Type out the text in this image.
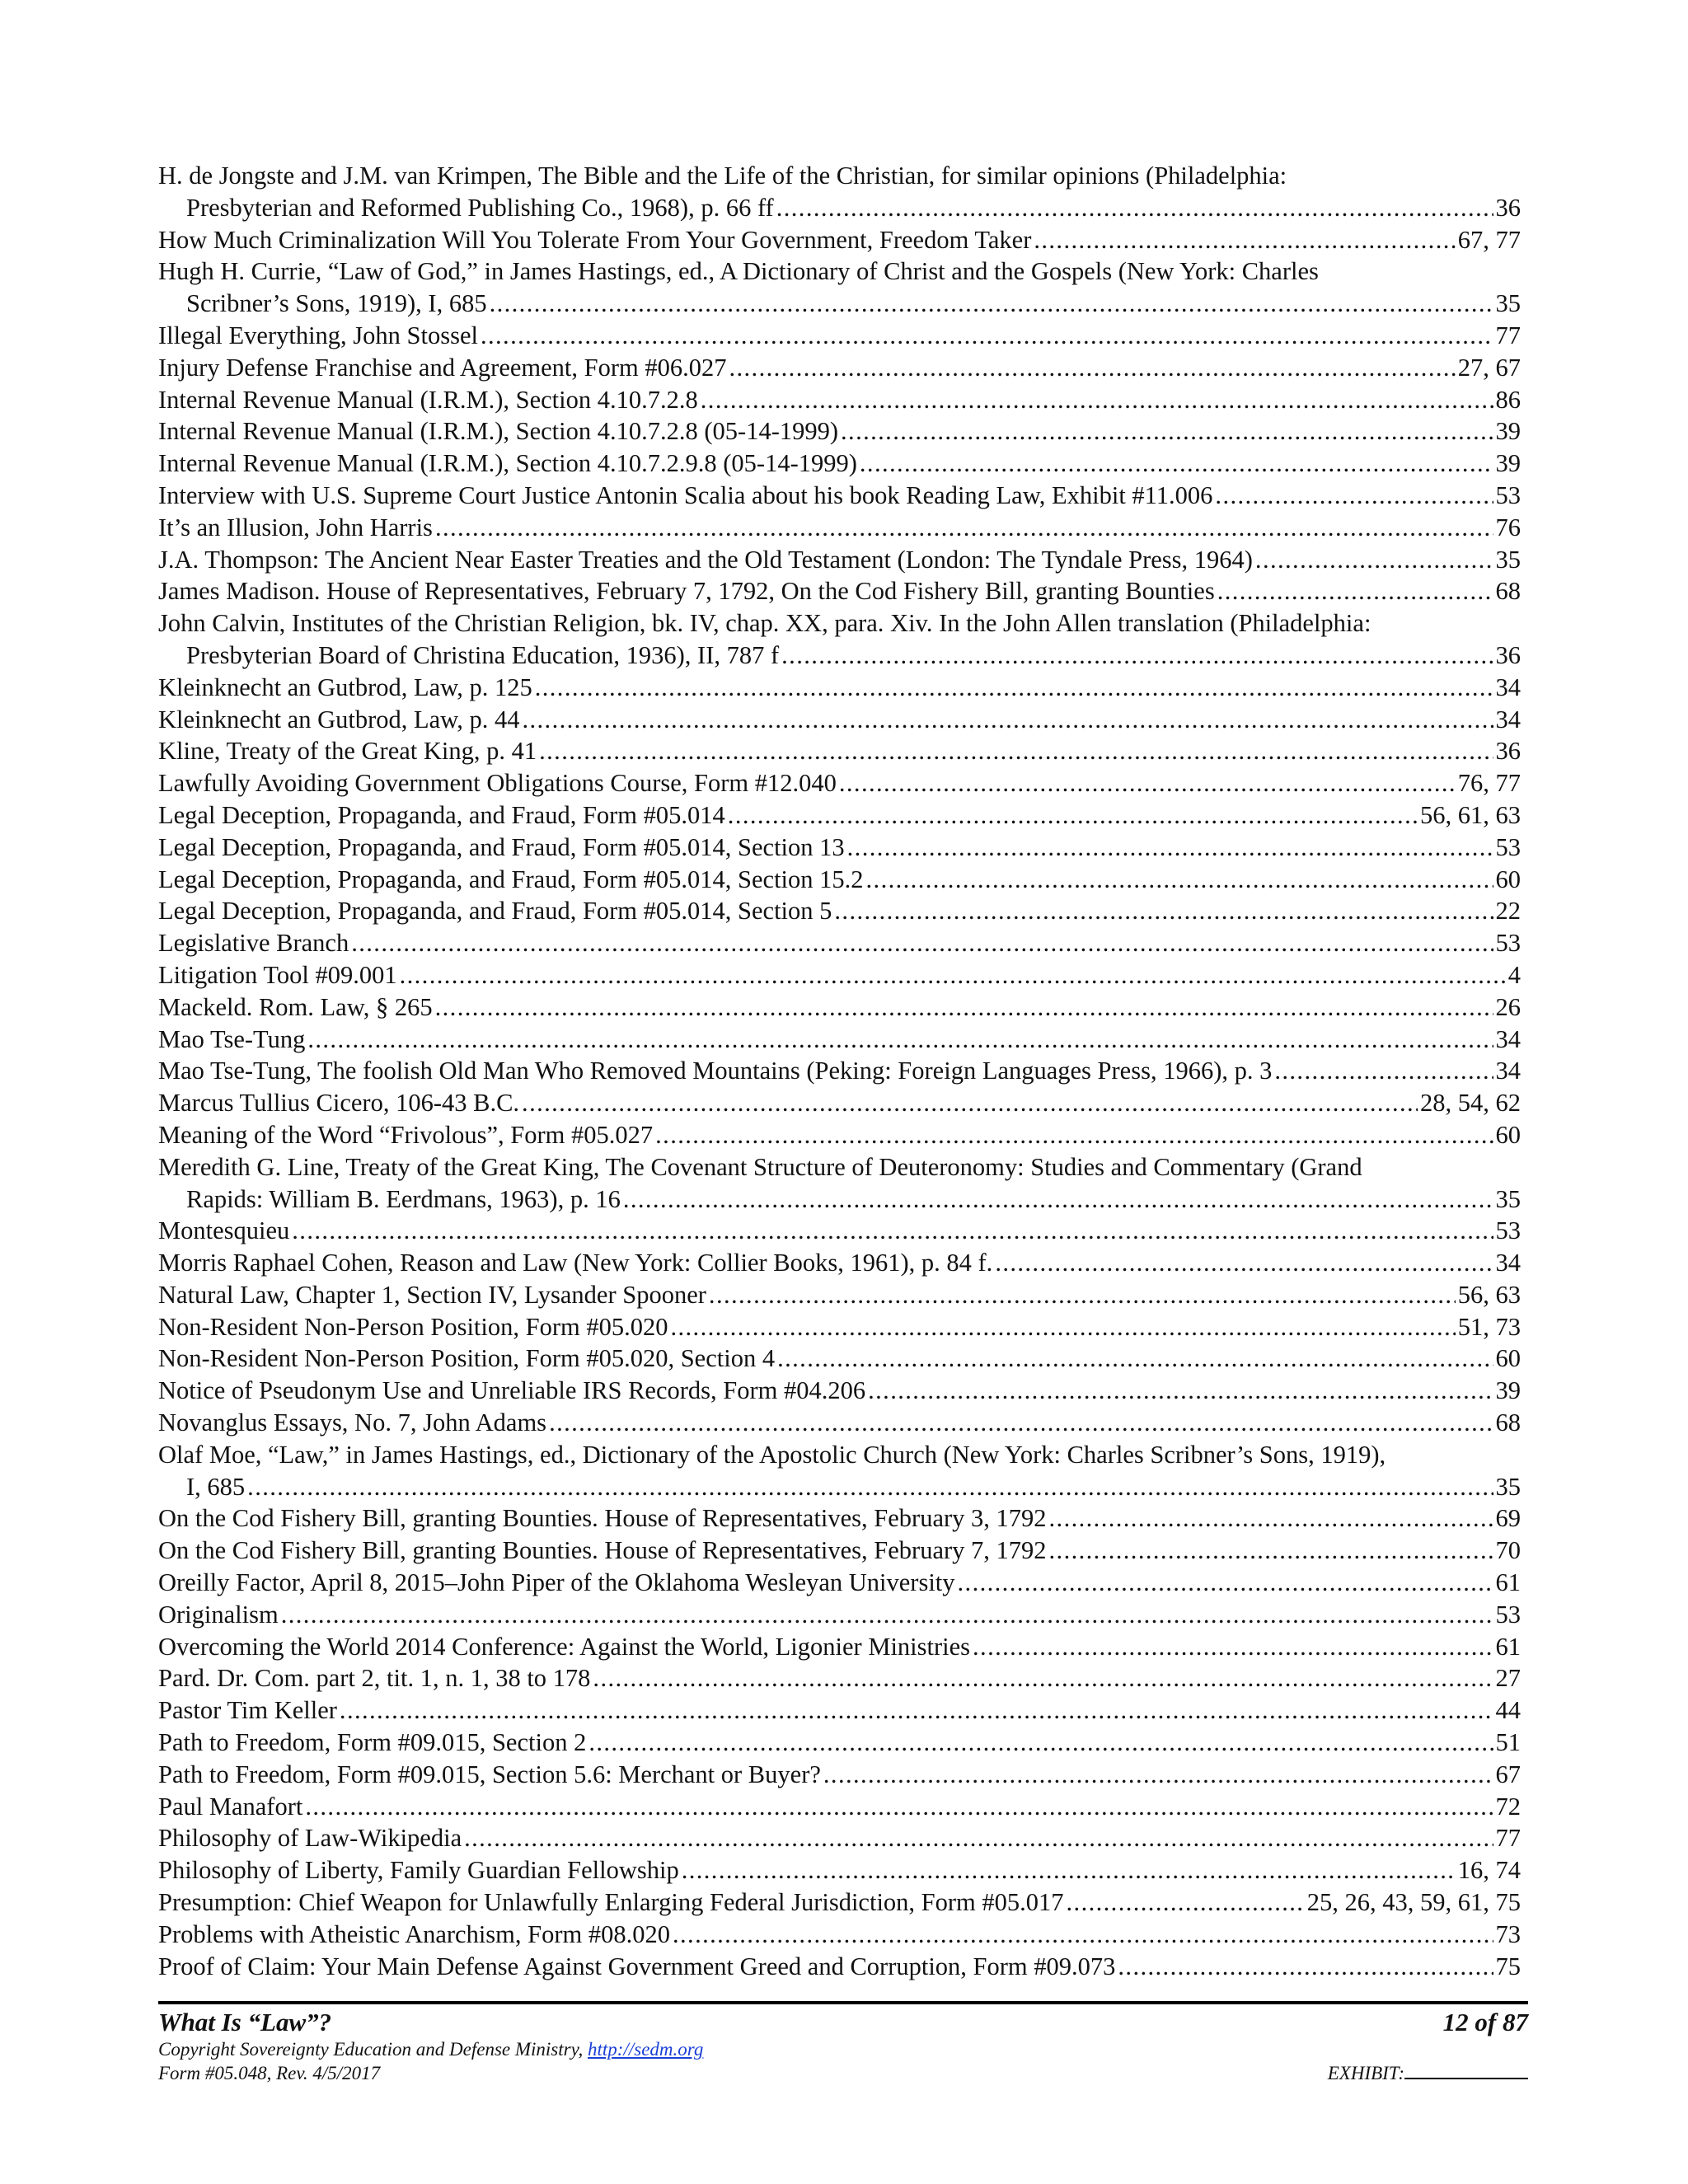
H. de Jongste and J.M. van Krimpen, The Bible and the Life of the Christian, for similar opinions (Philadelphia:
Presbyterian and Reformed Publishing Co., 1968), p. 66 ff .....	36
How Much Criminalization Will You Tolerate From Your Government, Freedom Taker .....	67, 77
Hugh H. Currie, “Law of God,” in James Hastings, ed., A Dictionary of Christ and the Gospels (New York: Charles
Scribner’s Sons, 1919), I, 685 .....	35
Illegal Everything, John Stossel .....	77
Injury Defense Franchise and Agreement, Form #06.027 .....	27, 67
Internal Revenue Manual (I.R.M.), Section 4.10.7.2.8 .....	86
Internal Revenue Manual (I.R.M.), Section 4.10.7.2.8 (05-14-1999) .....	39
Internal Revenue Manual (I.R.M.), Section 4.10.7.2.9.8 (05-14-1999) .....	39
Interview with U.S. Supreme Court Justice Antonin Scalia about his book Reading Law, Exhibit #11.006 .....	53
It’s an Illusion, John Harris .....	76
J.A. Thompson: The Ancient Near Easter Treaties and the Old Testament (London: The Tyndale Press, 1964) .....	35
James Madison. House of Representatives, February 7, 1792, On the Cod Fishery Bill, granting Bounties .....	68
John Calvin, Institutes of the Christian Religion, bk. IV, chap. XX, para. Xiv. In the John Allen translation (Philadelphia:
Presbyterian Board of Christina Education, 1936), II, 787 f .....	36
Kleinknecht an Gutbrod, Law, p. 125 .....	34
Kleinknecht an Gutbrod, Law, p. 44 .....	34
Kline, Treaty of the Great King, p. 41 .....	36
Lawfully Avoiding Government Obligations Course, Form #12.040 .....	76, 77
Legal Deception, Propaganda, and Fraud, Form #05.014 .....	56, 61, 63
Legal Deception, Propaganda, and Fraud, Form #05.014, Section 13 .....	53
Legal Deception, Propaganda, and Fraud, Form #05.014, Section 15.2 .....	60
Legal Deception, Propaganda, and Fraud, Form #05.014, Section 5 .....	22
Legislative Branch .....	53
Litigation Tool #09.001 .....	4
Mackeld. Rom. Law, § 265 .....	26
Mao Tse-Tung .....	34
Mao Tse-Tung, The foolish Old Man Who Removed Mountains (Peking: Foreign Languages Press, 1966), p. 3 .....	34
Marcus Tullius Cicero, 106-43 B.C. .....	28, 54, 62
Meaning of the Word “Frivolous”, Form #05.027 .....	60
Meredith G. Line, Treaty of the Great King, The Covenant Structure of Deuteronomy: Studies and Commentary (Grand
Rapids: William B. Eerdmans, 1963), p. 16 .....	35
Montesquieu .....	53
Morris Raphael Cohen, Reason and Law (New York: Collier Books, 1961), p. 84 f. .....	34
Natural Law, Chapter 1, Section IV, Lysander Spooner .....	56, 63
Non-Resident Non-Person Position, Form #05.020 .....	51, 73
Non-Resident Non-Person Position, Form #05.020, Section 4 .....	60
Notice of Pseudonym Use and Unreliable IRS Records, Form #04.206 .....	39
Novanglus Essays, No. 7, John Adams .....	68
Olaf Moe, “Law,” in James Hastings, ed., Dictionary of the Apostolic Church (New York: Charles Scribner’s Sons, 1919),
I, 685 .....	35
On the Cod Fishery Bill, granting Bounties. House of Representatives, February 3, 1792 .....	69
On the Cod Fishery Bill, granting Bounties. House of Representatives, February 7, 1792 .....	70
Oreilly Factor, April 8, 2015–John Piper of the Oklahoma Wesleyan University .....	61
Originalism .....	53
Overcoming the World 2014 Conference: Against the World, Ligonier Ministries .....	61
Pard. Dr. Com. part 2, tit. 1, n. 1, 38 to 178 .....	27
Pastor Tim Keller .....	44
Path to Freedom, Form #09.015, Section 2 .....	51
Path to Freedom, Form #09.015, Section 5.6: Merchant or Buyer? .....	67
Paul Manafort .....	72
Philosophy of Law-Wikipedia .....	77
Philosophy of Liberty, Family Guardian Fellowship .....	16, 74
Presumption: Chief Weapon for Unlawfully Enlarging Federal Jurisdiction, Form #05.017 .....	25, 26, 43, 59, 61, 75
Problems with Atheistic Anarchism, Form #08.020 .....	73
Proof of Claim: Your Main Defense Against Government Greed and Corruption, Form #09.073 .....	75
What Is “Law”?	12 of 87
Copyright Sovereignty Education and Defense Ministry, http://sedm.org
Form #05.048, Rev. 4/5/2017	EXHIBIT:
